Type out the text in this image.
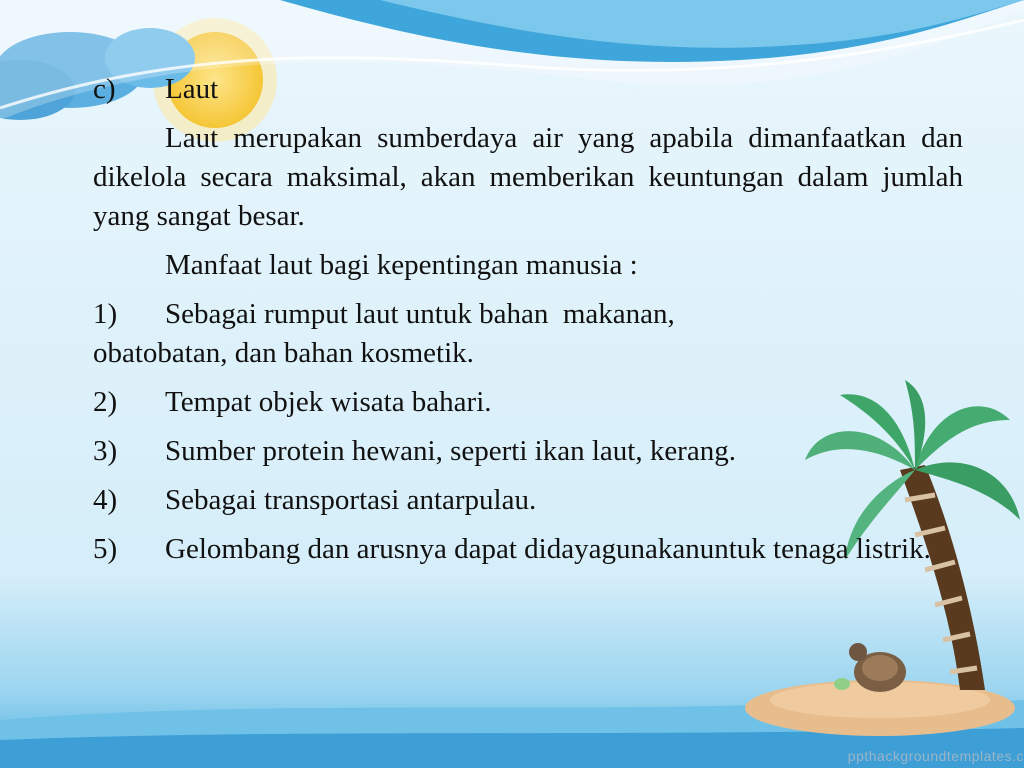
c) Laut
Laut merupakan sumberdaya air yang apabila dimanfaatkan dan dikelola secara maksimal, akan memberikan keuntungan dalam jumlah yang sangat besar.
Manfaat laut bagi kepentingan manusia :
1) Sebagai rumput laut untuk bahan  makanan,
obatobatan, dan bahan kosmetik.
2) Tempat objek wisata bahari.
3) Sumber protein hewani, seperti ikan laut, kerang.
4) Sebagai transportasi antarpulau.
5)	Gelombang dan arusnya dapat didayagunakanuntuk tenaga listrik.
ppthackgroundtemplates.c
